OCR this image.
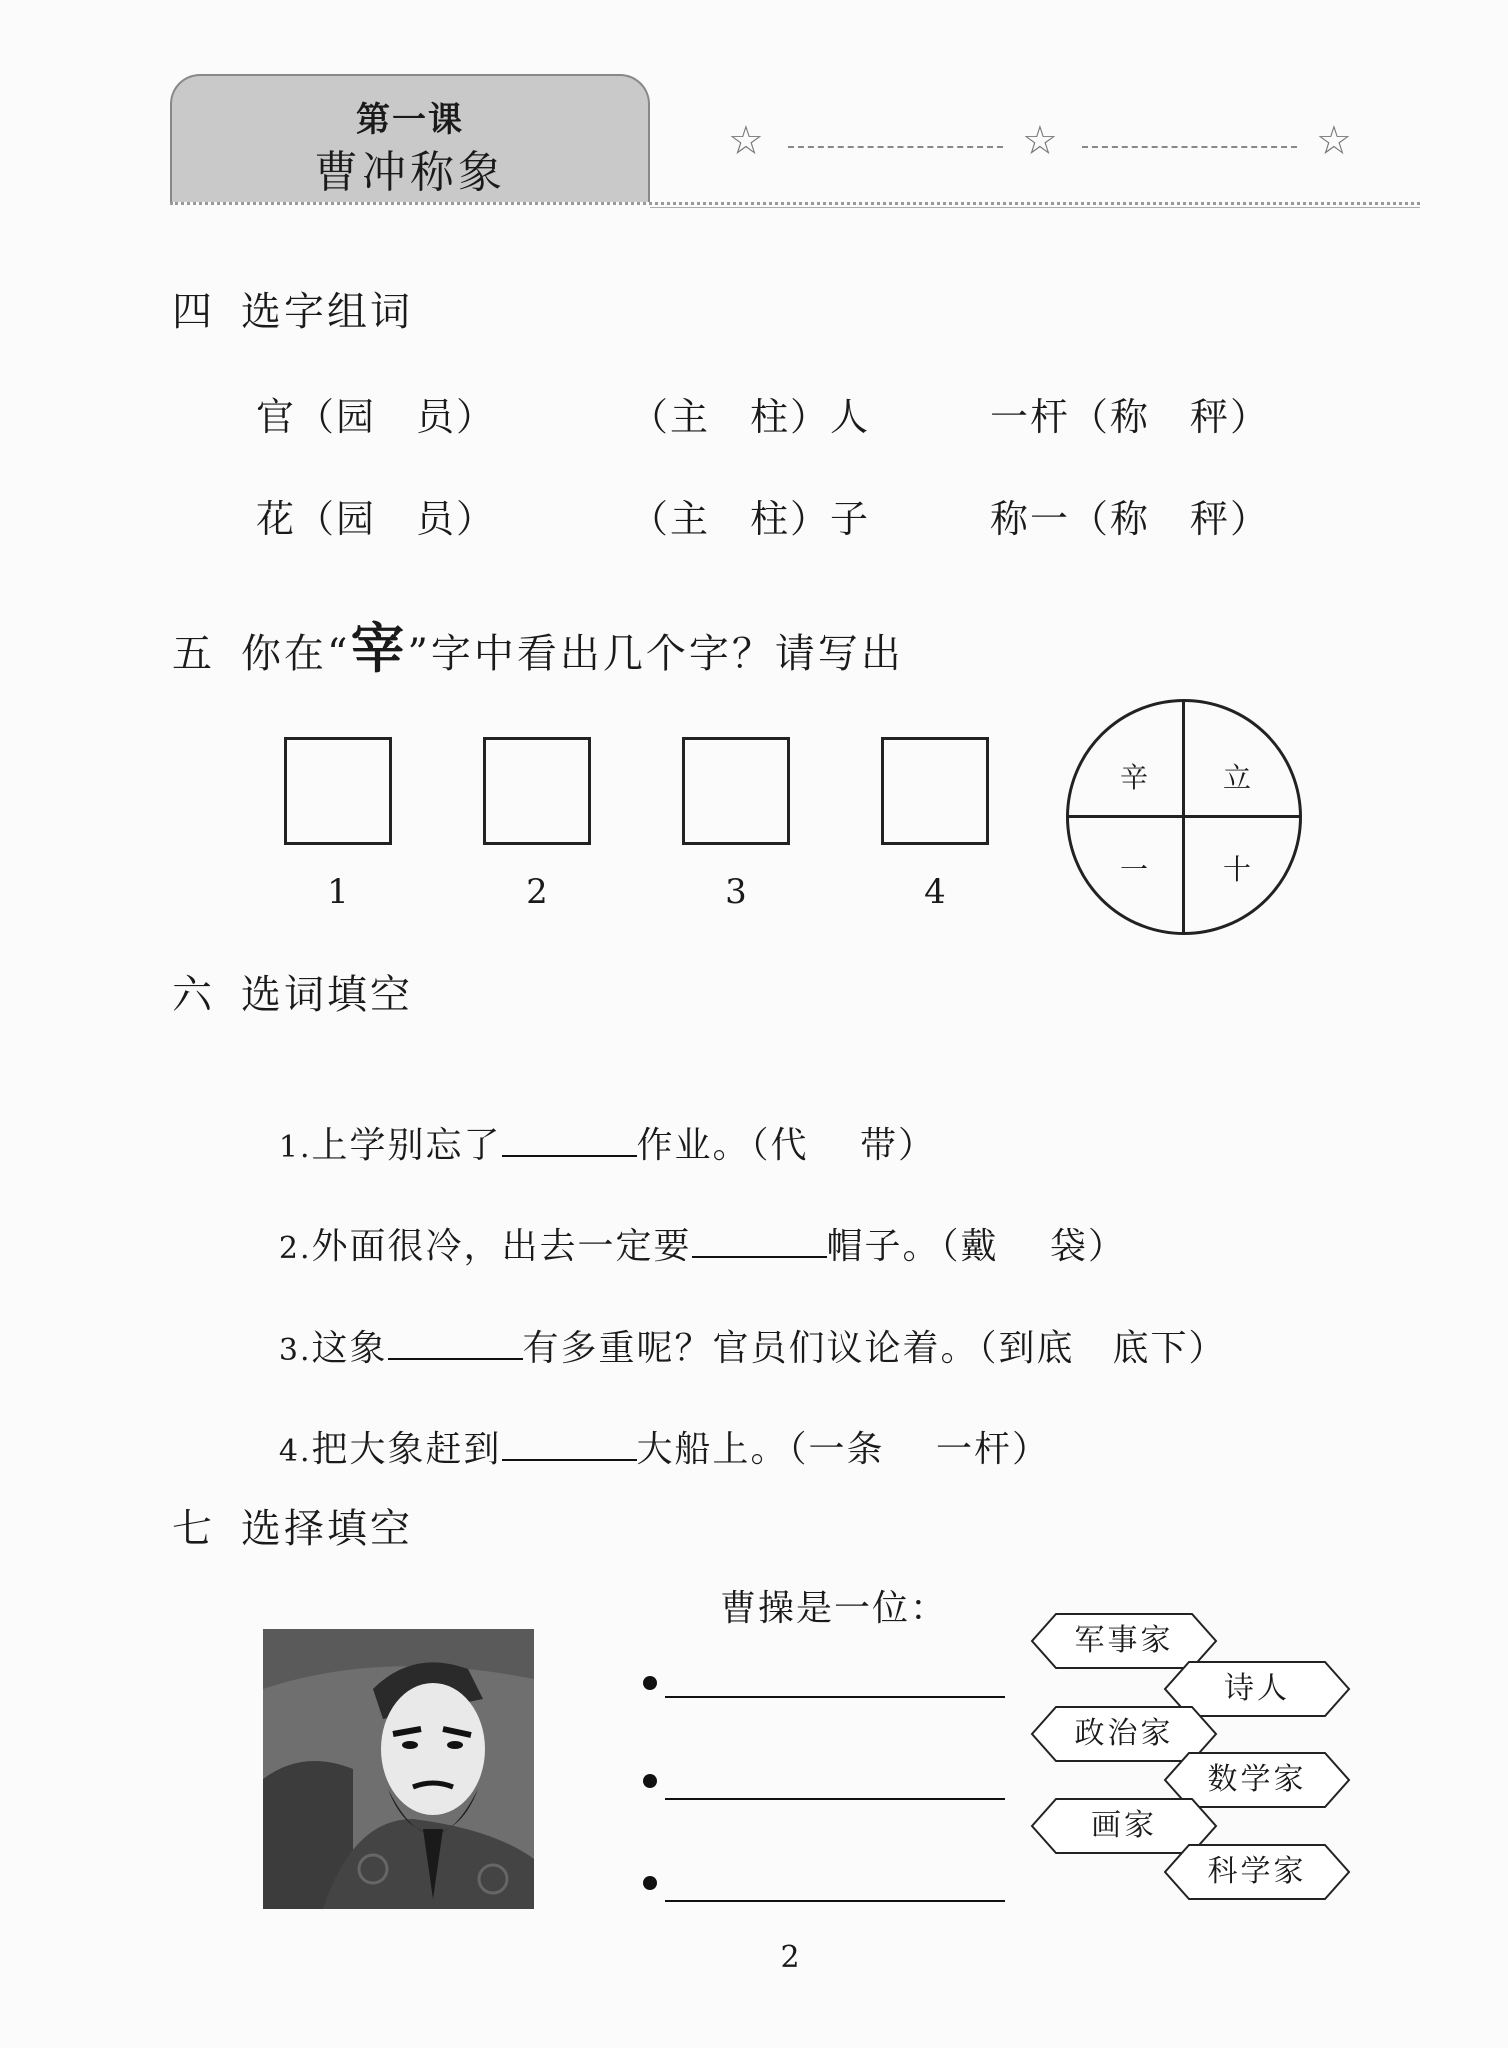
第一课
曹冲称象
☆	☆	☆
四 选字组词
官（园　员）	（主　柱）人	一杆（称　秤）
花（园　员）	（主　柱）子	称一（称　秤）
五 你在“宰”字中看出几个字？请写出
1	2	3	4
辛	立
一	十
六 选词填空

1.上学别忘了	作业。（代　 带）

2.外面很冷，出去一定要	帽子。（戴　 袋）

3.这象	有多重呢？官员们议论着。（到底　底下）

4.把大象赶到	大船上。（一条　 一杆）

七 选择填空
曹操是一位：
军事家
诗人
政治家
数学家
画家
科学家
2
